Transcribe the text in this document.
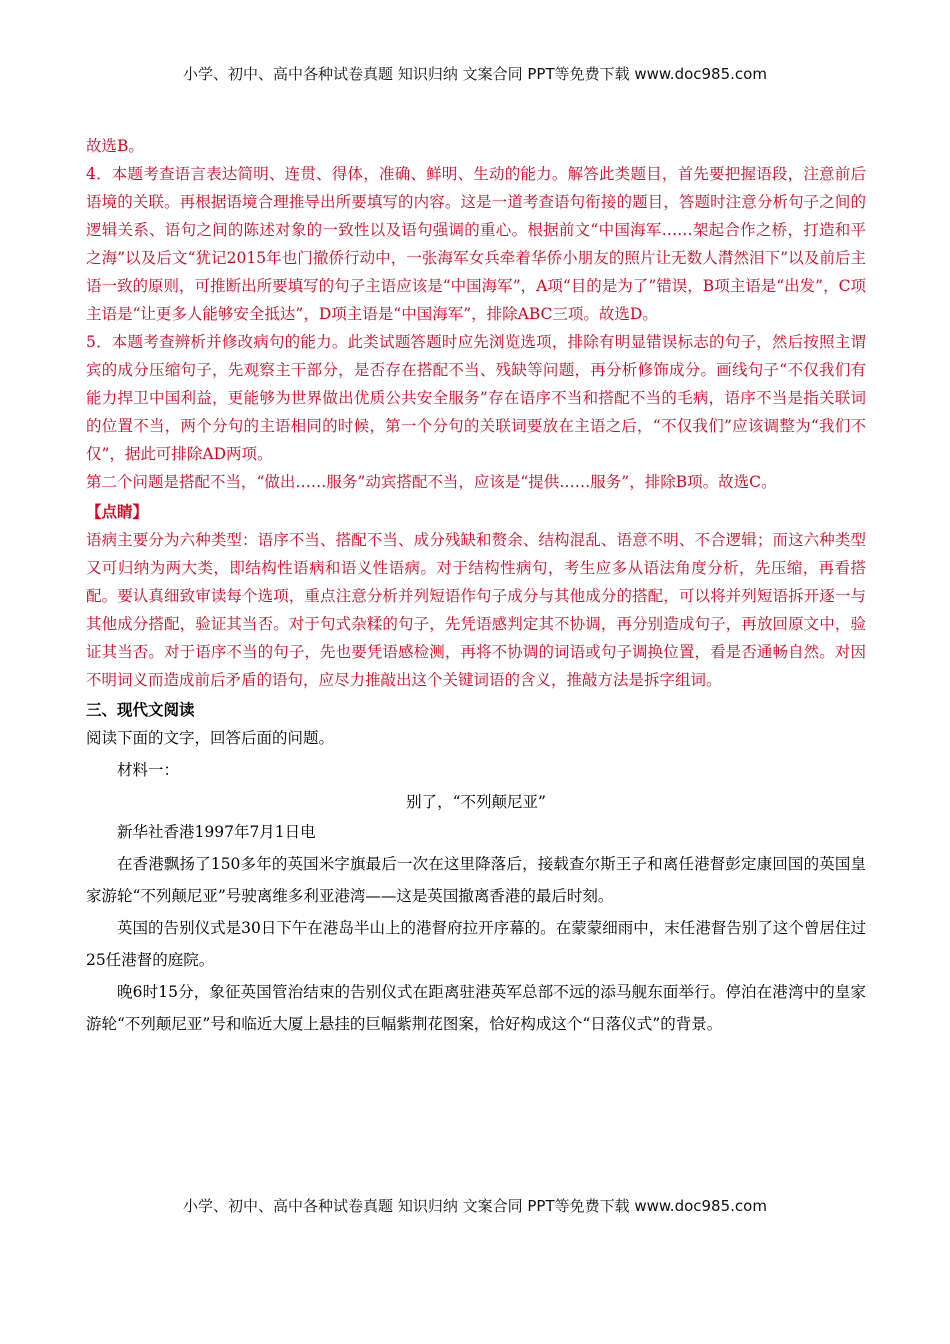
小学、初中、高中各种试卷真题 知识归纳 文案合同 PPT等免费下载 www.doc985.com

故选B。

4．本题考查语言表达简明、连贯、得体，准确、鲜明、生动的能力。解答此类题目，首先要把握语段，注意前后语境的关联。再根据语境合理推导出所要填写的内容。这是一道考查语句衔接的题目，答题时注意分析句子之间的逻辑关系、语句之间的陈述对象的一致性以及语句强调的重心。根据前文“中国海军……架起合作之桥，打造和平之海”以及后文“犹记2015年也门撤侨行动中，一张海军女兵牵着华侨小朋友的照片让无数人潸然泪下”以及前后主语一致的原则，可推断出所要填写的句子主语应该是“中国海军”，A项“目的是为了”错误，B项主语是“出发”，C项主语是“让更多人能够安全抵达”，D项主语是“中国海军”，排除ABC三项。故选D。

5．本题考查辨析并修改病句的能力。此类试题答题时应先浏览选项，排除有明显错误标志的句子，然后按照主谓宾的成分压缩句子，先观察主干部分，是否存在搭配不当、残缺等问题，再分析修饰成分。画线句子“不仅我们有能力捍卫中国利益，更能够为世界做出优质公共安全服务”存在语序不当和搭配不当的毛病，语序不当是指关联词的位置不当，两个分句的主语相同的时候，第一个分句的关联词要放在主语之后，“不仅我们”应该调整为“我们不仅”，据此可排除AD两项。

第二个问题是搭配不当，“做出……服务”动宾搭配不当，应该是“提供……服务”，排除B项。故选C。

【点睛】

语病主要分为六种类型：语序不当、搭配不当、成分残缺和赘余、结构混乱、语意不明、不合逻辑；而这六种类型又可归纳为两大类，即结构性语病和语义性语病。对于结构性病句，考生应多从语法角度分析，先压缩，再看搭配。要认真细致审读每个选项，重点注意分析并列短语作句子成分与其他成分的搭配，可以将并列短语拆开逐一与其他成分搭配，验证其当否。对于句式杂糅的句子，先凭语感判定其不协调，再分别造成句子，再放回原文中，验证其当否。对于语序不当的句子，先也要凭语感检测，再将不协调的词语或句子调换位置，看是否通畅自然。对因不明词义而造成前后矛盾的语句，应尽力推敲出这个关键词语的含义，推敲方法是拆字组词。

三、现代文阅读

阅读下面的文字，回答后面的问题。

材料一：

别了，“不列颠尼亚”

新华社香港1997年7月1日电

在香港飘扬了150多年的英国米字旗最后一次在这里降落后，接载查尔斯王子和离任港督彭定康回国的英国皇家游轮“不列颠尼亚”号驶离维多利亚港湾——这是英国撤离香港的最后时刻。

英国的告别仪式是30日下午在港岛半山上的港督府拉开序幕的。在蒙蒙细雨中，末任港督告别了这个曾居住过25任港督的庭院。

晚6时15分，象征英国管治结束的告别仪式在距离驻港英军总部不远的添马舰东面举行。停泊在港湾中的皇家游轮“不列颠尼亚”号和临近大厦上悬挂的巨幅紫荆花图案，恰好构成这个“日落仪式”的背景。

小学、初中、高中各种试卷真题 知识归纳 文案合同 PPT等免费下载 www.doc985.com
